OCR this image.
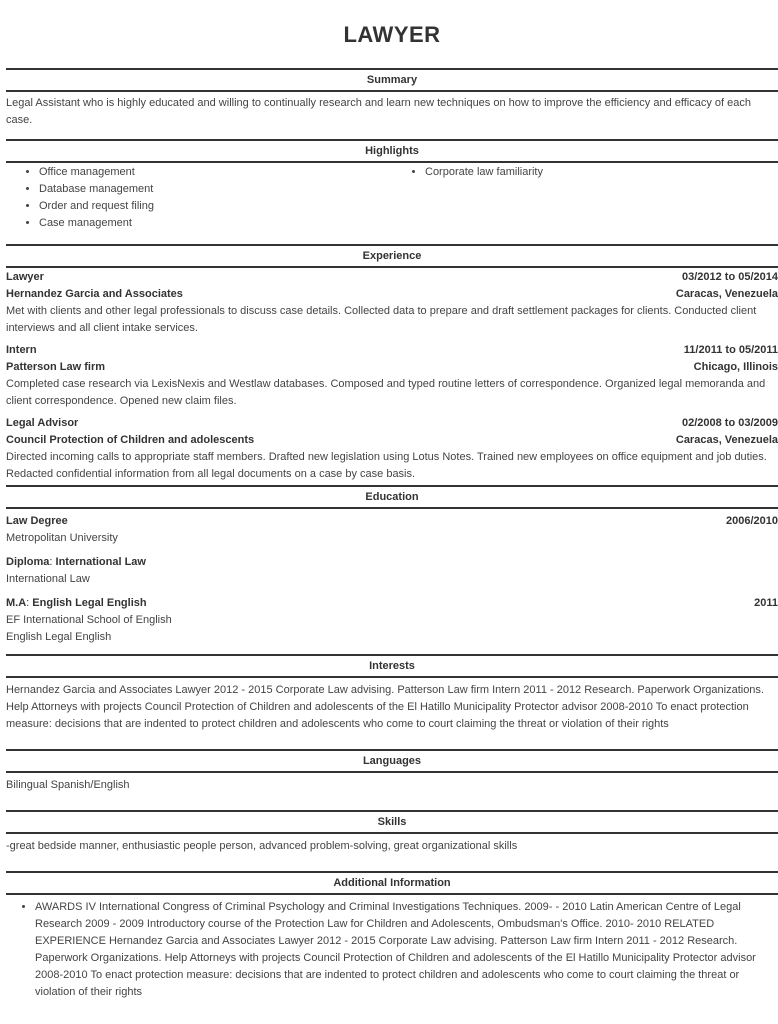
LAWYER
Summary
Legal Assistant who is highly educated and willing to continually research and learn new techniques on how to improve the efficiency and efficacy of each case.
Highlights
• Office management
• Database management
• Order and request filing
• Case management
• Corporate law familiarity
Experience
Lawyer	03/2012 to 05/2014
Hernandez Garcia and Associates	Caracas, Venezuela
Met with clients and other legal professionals to discuss case details. Collected data to prepare and draft settlement packages for clients. Conducted client interviews and all client intake services.
Intern	11/2011 to 05/2011
Patterson Law firm	Chicago, Illinois
Completed case research via LexisNexis and Westlaw databases. Composed and typed routine letters of correspondence. Organized legal memoranda and client correspondence. Opened new claim files.
Legal Advisor	02/2008 to 03/2009
Council Protection of Children and adolescents	Caracas, Venezuela
Directed incoming calls to appropriate staff members. Drafted new legislation using Lotus Notes. Trained new employees on office equipment and job duties. Redacted confidential information from all legal documents on a case by case basis.
Education
Law Degree	2006/2010
Metropolitan University
Diploma: International Law
International Law
M.A: English Legal English	2011
EF International School of English
English Legal English
Interests
Hernandez Garcia and Associates Lawyer 2012 - 2015 Corporate Law advising. Patterson Law firm Intern 2011 - 2012 Research. Paperwork Organizations. Help Attorneys with projects Council Protection of Children and adolescents of the El Hatillo Municipality Protector advisor 2008-2010 To enact protection measure: decisions that are indented to protect children and adolescents who come to court claiming the threat or violation of their rights
Languages
Bilingual Spanish/English
Skills
-great bedside manner, enthusiastic people person, advanced problem-solving, great organizational skills
Additional Information
• AWARDS IV International Congress of Criminal Psychology and Criminal Investigations Techniques. 2009- - 2010 Latin American Centre of Legal Research 2009 - 2009 Introductory course of the Protection Law for Children and Adolescents, Ombudsman's Office. 2010- 2010 RELATED EXPERIENCE Hernandez Garcia and Associates Lawyer 2012 - 2015 Corporate Law advising. Patterson Law firm Intern 2011 - 2012 Research. Paperwork Organizations. Help Attorneys with projects Council Protection of Children and adolescents of the El Hatillo Municipality Protector advisor 2008-2010 To enact protection measure: decisions that are indented to protect children and adolescents who come to court claiming the threat or violation of their rights
